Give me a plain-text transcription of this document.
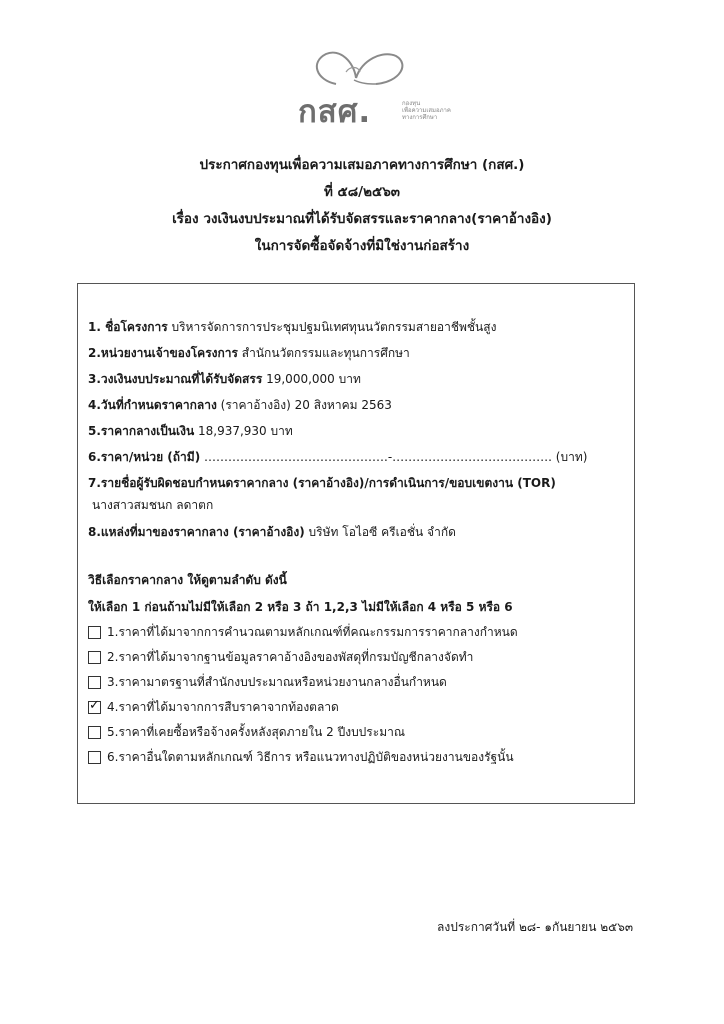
กสศ.	กองทุน
เพื่อความเสมอภาค
ทางการศึกษา
ประกาศกองทุนเพื่อความเสมอภาคทางการศึกษา (กสศ.)
ที่ ๕๘/๒๕๖๓
เรื่อง วงเงินงบประมาณที่ได้รับจัดสรรและราคากลาง(ราคาอ้างอิง)
ในการจัดซื้อจัดจ้างที่มิใช่งานก่อสร้าง
1. ชื่อโครงการ บริหารจัดการการประชุมปฐมนิเทศทุนนวัตกรรมสายอาชีพชั้นสูง
2.หน่วยงานเจ้าของโครงการ สำนักนวัตกรรมและทุนการศึกษา
3.วงเงินงบประมาณที่ได้รับจัดสรร 19,000,000 บาท
4.วันที่กำหนดราคากลาง (ราคาอ้างอิง) 20 สิงหาคม 2563
5.ราคากลางเป็นเงิน 18,937,930 บาท
6.ราคา/หน่วย (ถ้ามี) ……………………………………….-…………………………………. (บาท)
7.รายชื่อผู้รับผิดชอบกำหนดราคากลาง (ราคาอ้างอิง)/การดำเนินการ/ขอบเขตงาน (TOR)
นางสาวสมชนก ลดาตก
8.แหล่งที่มาของราคากลาง (ราคาอ้างอิง) บริษัท โอไอซี ครีเอชั่น จำกัด
วิธีเลือกราคากลาง ให้ดูตามลำดับ ดังนี้
ให้เลือก 1 ก่อนถ้ามไม่มีให้เลือก 2 หรือ 3 ถ้า 1,2,3 ไม่มีให้เลือก 4 หรือ 5 หรือ 6
1.ราคาที่ได้มาจากการคำนวณตามหลักเกณฑ์ที่คณะกรรมการราคากลางกำหนด
2.ราคาที่ได้มาจากฐานข้อมูลราคาอ้างอิงของพัสดุที่กรมบัญชีกลางจัดทำ
3.ราคามาตรฐานที่สำนักงบประมาณหรือหน่วยงานกลางอื่นกำหนด
✓
4.ราคาที่ได้มาจากการสืบราคาจากท้องตลาด
5.ราคาที่เคยซื้อหรือจ้างครั้งหลังสุดภายใน 2 ปีงบประมาณ
6.ราคาอื่นใดตามหลักเกณฑ์ วิธีการ หรือแนวทางปฏิบัติของหน่วยงานของรัฐนั้น
ลงประกาศวันที่ ๒๘- ๑กันยายน ๒๕๖๓
